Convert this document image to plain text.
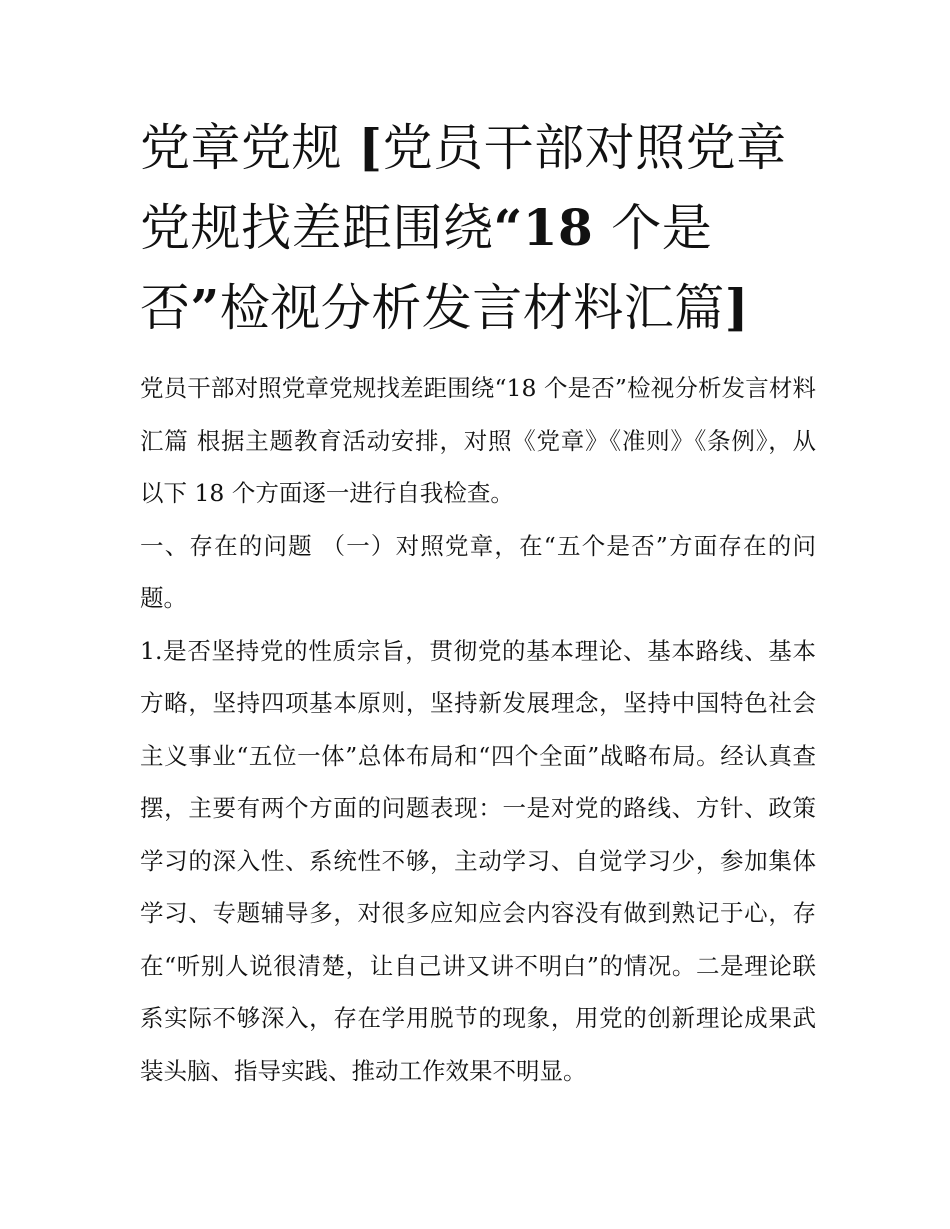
党章党规 [党员干部对照党章党规找差距围绕“18 个是否”检视分析发言材料汇篇]

党员干部对照党章党规找差距围绕“18 个是否”检视分析发言材料汇篇 根据主题教育活动安排，对照《党章》《准则》《条例》，从以下 18 个方面逐一进行自我检查。

一、存在的问题 （一）对照党章，在“五个是否”方面存在的问题。

1.是否坚持党的性质宗旨，贯彻党的基本理论、基本路线、基本方略，坚持四项基本原则，坚持新发展理念，坚持中国特色社会主义事业“五位一体”总体布局和“四个全面”战略布局。经认真查摆，主要有两个方面的问题表现：一是对党的路线、方针、政策学习的深入性、系统性不够，主动学习、自觉学习少，参加集体学习、专题辅导多，对很多应知应会内容没有做到熟记于心，存在“听别人说很清楚，让自己讲又讲不明白”的情况。二是理论联系实际不够深入，存在学用脱节的现象，用党的创新理论成果武装头脑、指导实践、推动工作效果不明显。
